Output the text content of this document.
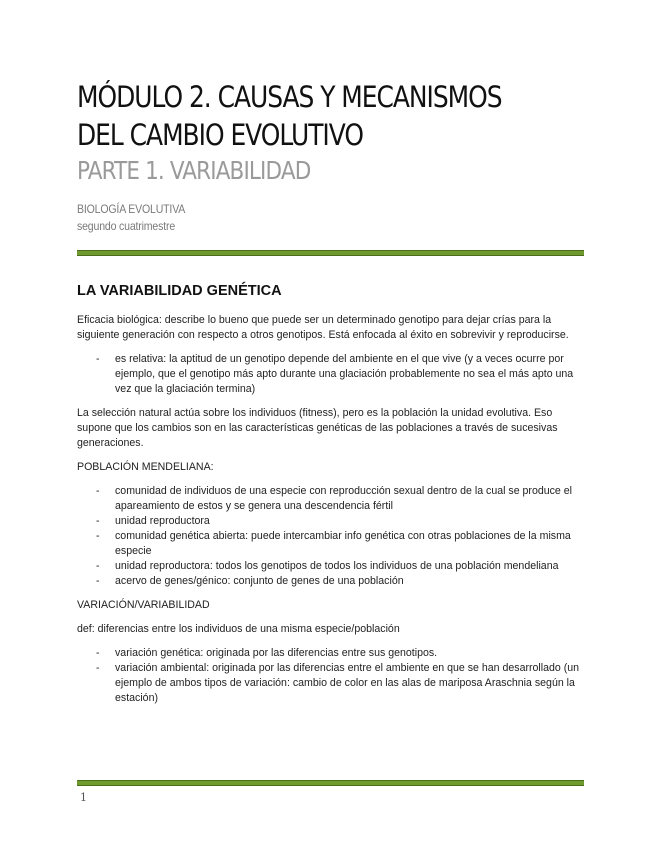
MÓDULO 2. CAUSAS Y MECANISMOS DEL CAMBIO EVOLUTIVO
PARTE 1. VARIABILIDAD
BIOLOGÍA EVOLUTIVA
segundo cuatrimestre
LA VARIABILIDAD GENÉTICA

Eficacia biológica: describe lo bueno que puede ser un determinado genotipo para dejar crías para la siguiente generación con respecto a otros genotipos. Está enfocada al éxito en sobrevivir y reproducirse.

- es relativa: la aptitud de un genotipo depende del ambiente en el que vive (y a veces ocurre por ejemplo, que el genotipo más apto durante una glaciación probablemente no sea el más apto una vez que la glaciación termina)

La selección natural actúa sobre los individuos (fitness), pero es la población la unidad evolutiva. Eso supone que los cambios son en las características genéticas de las poblaciones a través de sucesivas generaciones.

POBLACIÓN MENDELIANA:

- comunidad de individuos de una especie con reproducción sexual dentro de la cual se produce el apareamiento de estos y se genera una descendencia fértil
- unidad reproductora
- comunidad genética abierta: puede intercambiar info genética con otras poblaciones de la misma especie
- unidad reproductora: todos los genotipos de todos los individuos de una población mendeliana
- acervo de genes/génico: conjunto de genes de una población

VARIACIÓN/VARIABILIDAD

def: diferencias entre los individuos de una misma especie/población

- variación genética: originada por las diferencias entre sus genotipos.
- variación ambiental: originada por las diferencias entre el ambiente en que se han desarrollado (un ejemplo de ambos tipos de variación: cambio de color en las alas de mariposa Araschnia según la estación)
1
